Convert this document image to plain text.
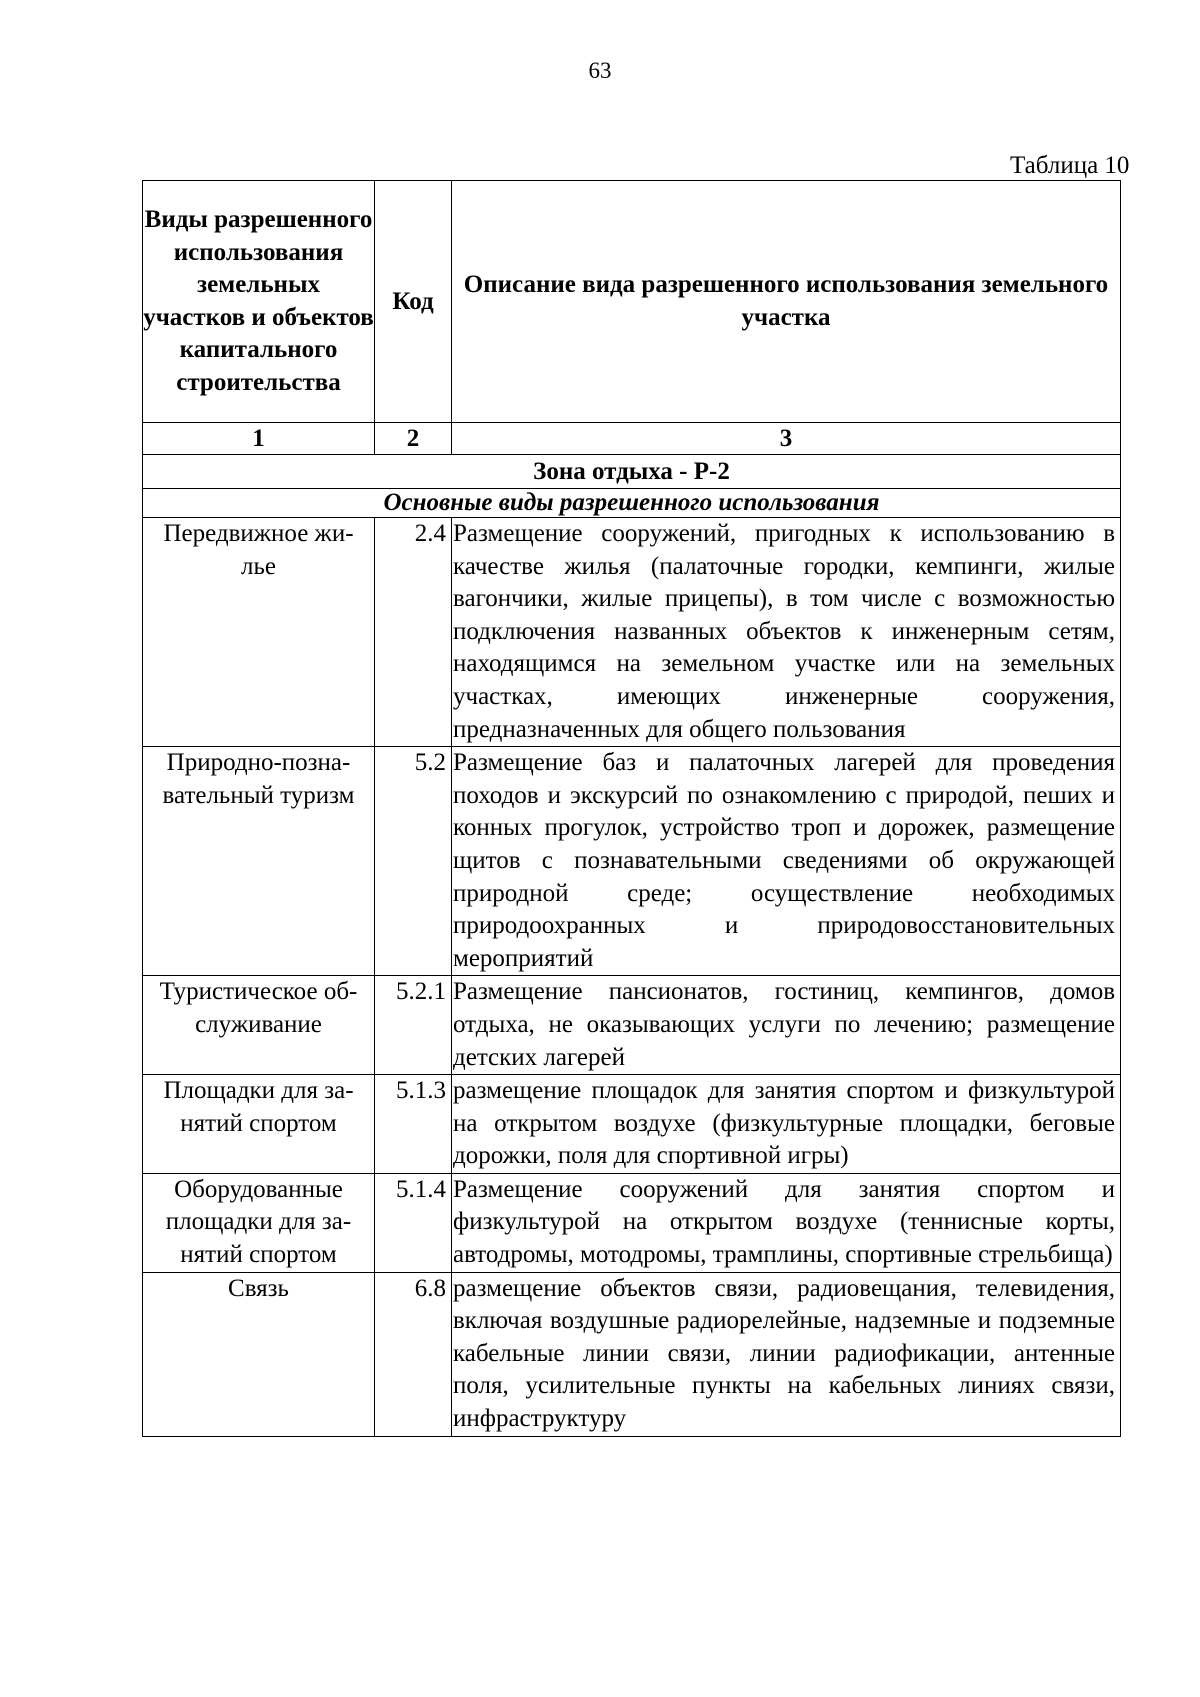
63
Таблица 10
Виды разрешенного использования земельных участков и объектов капитального строительства	Код	Описание вида разрешенного использования земельного участка
1	2	3
Зона отдыха - Р-2		
Основные виды разрешенного использования		
Передвижное жи-
лье	2.4	Размещение сооружений, пригодных к использованию в качестве жилья (палаточные городки, кемпинги, жилые вагончики, жилые прицепы), в том числе с возможностью подключения названных объектов к инженерным сетям, находящимся на земельном участке или на земельных участках, имеющих инженерные сооружения, предназначенных для общего пользования
Природно-позна-
вательный туризм	5.2	Размещение баз и палаточных лагерей для проведения походов и экскурсий по ознакомлению с природой, пеших и конных прогулок, устройство троп и дорожек, размещение щитов с познавательными сведениями об окружающей природной среде; осуществление необходимых природоохранных и природовосстановительных мероприятий
Туристическое об-
служивание	5.2.1	Размещение пансионатов, гостиниц, кемпингов, домов отдыха, не оказывающих услуги по лечению; размещение детских лагерей
Площадки для за-
нятий спортом	5.1.3	размещение площадок для занятия спортом и физкультурой на открытом воздухе (физкультурные площадки, беговые дорожки, поля для спортивной игры)
Оборудованные
площадки для за-
нятий спортом	5.1.4	Размещение сооружений для занятия спортом и физкультурой на открытом воздухе (теннисные корты, автодромы, мотодромы, трамплины, спортивные стрельбища)
Связь	6.8	размещение объектов связи, радиовещания, телевидения, включая воздушные радиорелейные, надземные и подземные кабельные линии связи, линии радиофикации, антенные поля, усилительные пункты на кабельных линиях связи, инфраструктуру
